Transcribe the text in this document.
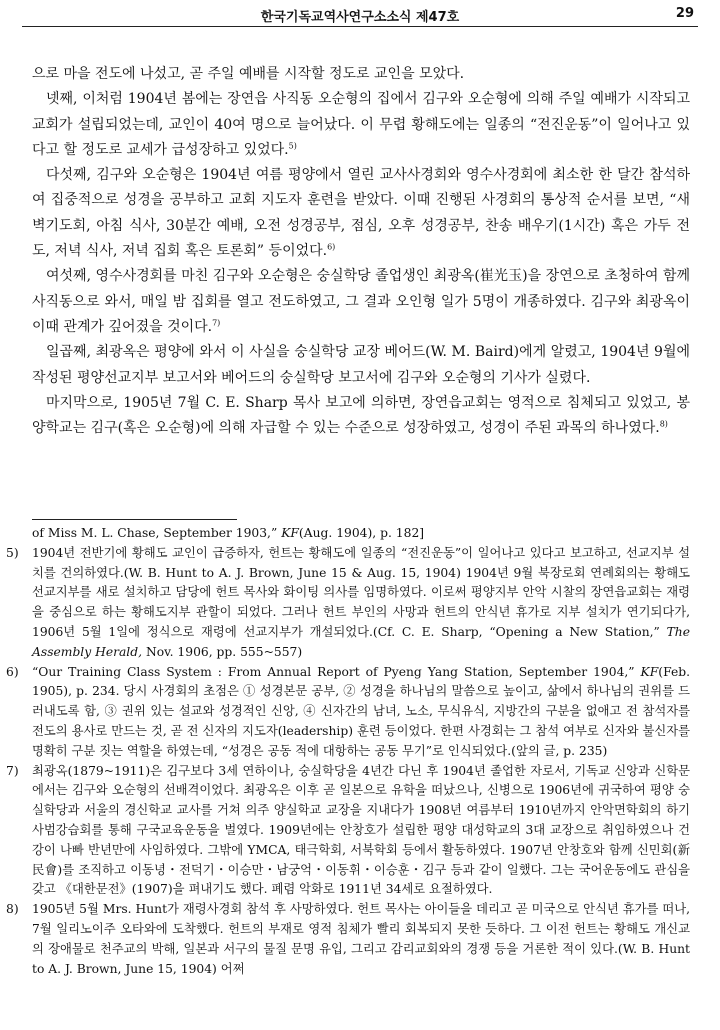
한국기독교역사연구소소식 제47호	29

으로 마을 전도에 나섰고, 곧 주일 예배를 시작할 정도로 교인을 모았다.

넷째, 이처럼 1904년 봄에는 장연읍 사직동 오순형의 집에서 김구와 오순형에 의해 주일 예배가 시작되고 교회가 설립되었는데, 교인이 40여 명으로 늘어났다. 이 무렵 황해도에는 일종의 “전진운동”이 일어나고 있다고 할 정도로 교세가 급성장하고 있었다.$^{5)}$

다섯째, 김구와 오순형은 1904년 여름 평양에서 열린 교사사경회와 영수사경회에 최소한 한 달간 참석하여 집중적으로 성경을 공부하고 교회 지도자 훈련을 받았다. 이때 진행된 사경회의 통상적 순서를 보면, “새벽기도회, 아침 식사, 30분간 예배, 오전 성경공부, 점심, 오후 성경공부, 찬송 배우기(1시간) 혹은 가두 전도, 저녁 식사, 저녁 집회 혹은 토론회” 등이었다.$^{6)}$

여섯째, 영수사경회를 마친 김구와 오순형은 숭실학당 졸업생인 최광옥(崔光玉)을 장연으로 초청하여 함께 사직동으로 와서, 매일 밤 집회를 열고 전도하였고, 그 결과 오인형 일가 5명이 개종하였다. 김구와 최광옥이 이때 관계가 깊어졌을 것이다.$^{7)}$

일곱째, 최광옥은 평양에 와서 이 사실을 숭실학당 교장 베어드(W. M. Baird)에게 알렸고, 1904년 9월에 작성된 평양선교지부 보고서와 베어드의 숭실학당 보고서에 김구와 오순형의 기사가 실렸다.

마지막으로, 1905년 7월 C. E. Sharp 목사 보고에 의하면, 장연읍교회는 영적으로 침체되고 있었고, 봉양학교는 김구(혹은 오순형)에 의해 자급할 수 있는 수준으로 성장하였고, 성경이 주된 과목의 하나였다.$^{8)}$

of Miss M. L. Chase, September 1903,” KF(Aug. 1904), p. 182]

5) 1904년 전반기에 황해도 교인이 급증하자, 헌트는 황해도에 일종의 “전진운동”이 일어나고 있다고 보고하고, 선교지부 설치를 건의하였다.(W. B. Hunt to A. J. Brown, June 15 & Aug. 15, 1904) 1904년 9월 북장로회 연례회의는 황해도 선교지부를 새로 설치하고 담당에 헌트 목사와 화이팅 의사를 임명하였다. 이로써 평양지부 안악 시찰의 장연읍교회는 재령을 중심으로 하는 황해도지부 관할이 되었다. 그러나 헌트 부인의 사망과 헌트의 안식년 휴가로 지부 설치가 연기되다가, 1906년 5월 1일에 정식으로 재령에 선교지부가 개설되었다.(Cf. C. E. Sharp, “Opening a New Station,” The Assembly Herald, Nov. 1906, pp. 555~557)

6) “Our Training Class System : From Annual Report of Pyeng Yang Station, September 1904,” KF(Feb. 1905), p. 234. 당시 사경회의 초점은 ① 성경본문 공부, ② 성경을 하나님의 말씀으로 높이고, 삶에서 하나님의 권위를 드러내도록 함, ③ 권위 있는 설교와 성경적인 신앙, ④ 신자간의 남녀, 노소, 무식유식, 지방간의 구분을 없애고 전 참석자를 전도의 용사로 만드는 것, 곧 전 신자의 지도자(leadership) 훈련 등이었다. 한편 사경회는 그 참석 여부로 신자와 불신자를 명확히 구분 짓는 역할을 하였는데, “성경은 공동 적에 대항하는 공동 무기”로 인식되었다.(앞의 글, p. 235)

7) 최광옥(1879~1911)은 김구보다 3세 연하이나, 숭실학당을 4년간 다닌 후 1904년 졸업한 자로서, 기독교 신앙과 신학문에서는 김구와 오순형의 선배격이었다. 최광옥은 이후 곧 일본으로 유학을 떠났으나, 신병으로 1906년에 귀국하여 평양 숭실학당과 서울의 경신학교 교사를 거쳐 의주 양실학교 교장을 지내다가 1908년 여름부터 1910년까지 안악면학회의 하기사범강습회를 통해 구국교육운동을 벌였다. 1909년에는 안창호가 설립한 평양 대성학교의 3대 교장으로 취임하였으나 건강이 나빠 반년만에 사임하였다. 그밖에 YMCA, 태극학회, 서북학회 등에서 활동하였다. 1907년 안창호와 함께 신민회(新民會)를 조직하고 이동녕・전덕기・이승만・남궁억・이동휘・이승훈・김구 등과 같이 일했다. 그는 국어운동에도 관심을 갖고 《대한문전》(1907)을 펴내기도 했다. 폐렴 악화로 1911년 34세로 요절하였다.

8) 1905년 5월 Mrs. Hunt가 재령사경회 참석 후 사망하였다. 헌트 목사는 아이들을 데리고 곧 미국으로 안식년 휴가를 떠나, 7월 일리노이주 오타와에 도착했다. 헌트의 부재로 영적 침체가 빨리 회복되지 못한 듯하다. 그 이전 헌트는 황해도 개신교의 장애물로 천주교의 박해, 일본과 서구의 물질 문명 유입, 그리고 감리교회와의 경쟁 등을 거론한 적이 있다.(W. B. Hunt to A. J. Brown, June 15, 1904) 어쩌
